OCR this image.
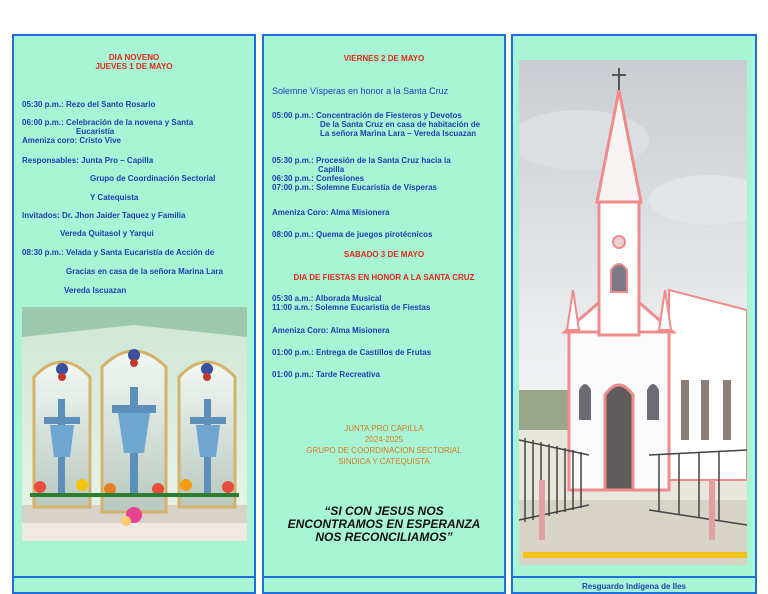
DIA NOVENO
JUEVES 1 DE MAYO
05:30 p.m.: Rezo del Santo Rosario
06:00 p.m.: Celebración de la novena y Santa
Eucaristía
Ameniza coro: Cristo Vive
Responsables: Junta Pro – Capilla
Grupo de Coordinación Sectorial
Y Catequista
Invitados: Dr. Jhon Jaider Taquez y Familia
Vereda Quitasol y Yarqui
08:30 p.m.: Velada y Santa Eucaristía de Acción de
Gracias en casa de la señora Marina Lara
Vereda Iscuazan
VIERNES 2 DE MAYO
Solemne Vísperas en honor a la Santa Cruz
05:00 p.m.: Concentración de Fiesteros y Devotos
De la Santa Cruz en casa de habitación de
La señora Marina Lara – Vereda Iscuazan
05:30 p.m.: Procesión de la Santa Cruz hacia la
Capilla
06:30 p.m.: Confesiones
07:00 p.m.: Solemne Eucaristía de Vísperas
Ameniza Coro: Alma Misionera
08:00 p.m.: Quema de juegos pirotécnicos
SABADO 3 DE MAYO
DIA DE FIESTAS EN HONOR A LA SANTA CRUZ
05:30 a.m.: Alborada Musical
11:00 a.m.: Solemne Eucaristía de Fiestas
Ameniza Coro: Alma Misionera
01:00 p.m.: Entrega de Castillos de Frutas
01:00 p.m.: Tarde Recreativa
JUNTA PRO CAPILLA
2024-2025
GRUPO DE COORDINACION SECTORIAL
SINDICA Y CATEQUISTA
“SI CON JESUS NOS
ENCONTRAMOS EN ESPERANZA
NOS RECONCILIAMOS”
Resguardo Indígena de Iles
